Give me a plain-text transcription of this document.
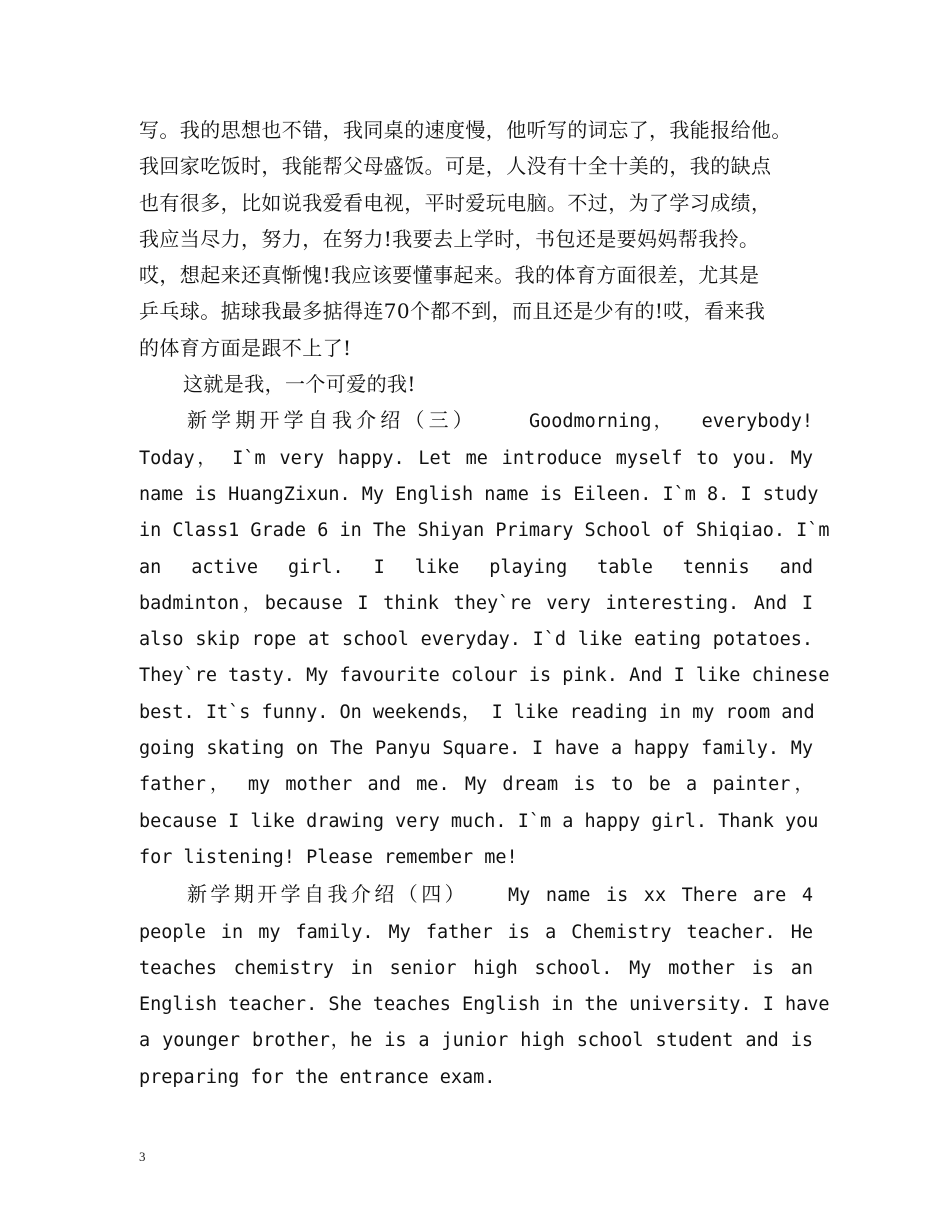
写。我的思想也不错，我同桌的速度慢，他听写的词忘了，我能报给他。
我回家吃饭时，我能帮父母盛饭。可是，人没有十全十美的，我的缺点
也有很多，比如说我爱看电视，平时爱玩电脑。不过，为了学习成绩，
我应当尽力，努力，在努力!我要去上学时，书包还是要妈妈帮我拎。
哎，想起来还真惭愧!我应该要懂事起来。我的体育方面很差，尤其是
乒乓球。掂球我最多掂得连70个都不到，而且还是少有的!哎，看来我
的体育方面是跟不上了!
这就是我，一个可爱的我!
新学期开学自我介绍（三）	Goodmorning， everybody!
Today， I`m very happy. Let me introduce myself to you. My
name is HuangZixun. My English name is Eileen. I`m 8. I study
in Class1 Grade 6 in The Shiyan Primary School of Shiqiao. I`m
an active girl. I like playing table tennis and
badminton，because I think they`re very interesting. And I
also skip rope at school everyday. I`d like eating potatoes.
They`re tasty. My favourite colour is pink. And I like chinese
best. It`s funny. On weekends， I like reading in my room and
going skating on The Panyu Square. I have a happy family. My
father， my mother and me. My dream is to be a painter，
because I like drawing very much. I`m a happy girl. Thank you
for listening! Please remember me!
新学期开学自我介绍（四） My name is xx There are 4
people in my family. My father is a Chemistry teacher. He
teaches chemistry in senior high school. My mother is an
English teacher. She teaches English in the university. I have
a younger brother，he is a junior high school student and is
preparing for the entrance exam.
3
